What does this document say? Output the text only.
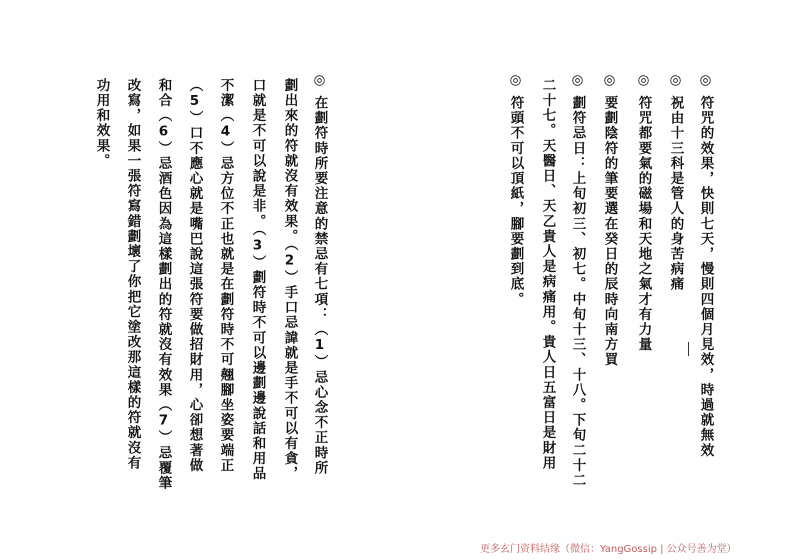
◎符咒的效果，快則七天，慢則四個月見效，時過就無效
◎祝由十三科是管人的身苦病痛
◎符咒都要氣的磁場和天地之氣才有力量
◎要劃陰符的筆要選在癸日的辰時向南方買
◎劃符忌日：上旬初三、初七。中旬十三、十八。下旬二十二
二十七。天醫日、天乙貴人是病痛用。貴人日五富日是財用
◎符頭不可以頂紙，腳要劃到底。
◎在劃符時所要注意的禁忌有七項：（1）忌心念不正時所
劃出來的符就沒有效果。（2）手口忌諱就是手不可以有貪，
口就是不可以說是非。（3）劃符時不可以邊劃邊說話和用品
不潔（4）忌方位不正也就是在劃符時不可翹腳坐姿要端正
（5）口不應心就是嘴巴說這張符要做招財用，心卻想著做
和合（6）忌酒色因為這樣劃出的符就沒有效果（7）忌覆筆
改寫，如果一張符寫錯劃壞了你把它塗改那這樣的符就沒有
功用和效果。
更多玄门资料结缘（微信：YangGossip | 公众号善为堂）
